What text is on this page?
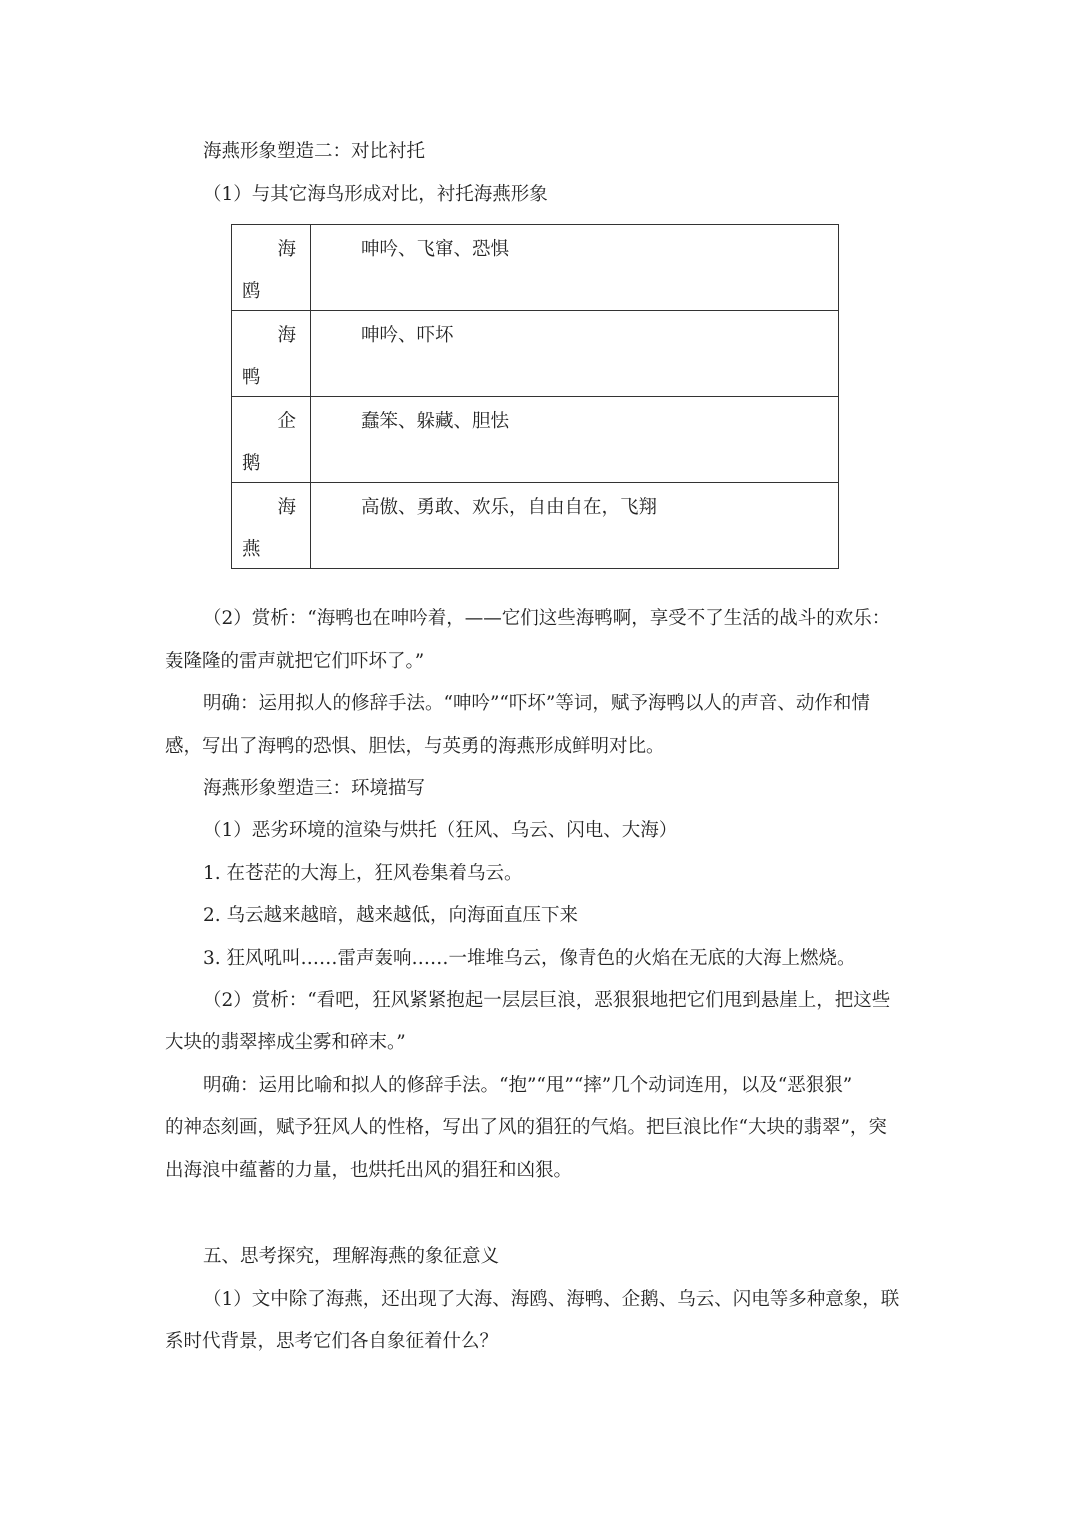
海燕形象塑造二：对比衬托
（1）与其它海鸟形成对比，衬托海燕形象
海
鸥	呻吟、飞窜、恐惧

海
鸭	呻吟、吓坏

企
鹅	蠢笨、躲藏、胆怯

海
燕	高傲、勇敢、欢乐，自由自在，飞翔
（2）赏析：“海鸭也在呻吟着，——它们这些海鸭啊，享受不了生活的战斗的欢乐：
轰隆隆的雷声就把它们吓坏了。”
明确：运用拟人的修辞手法。“呻吟”“吓坏”等词，赋予海鸭以人的声音、动作和情
感，写出了海鸭的恐惧、胆怯，与英勇的海燕形成鲜明对比。
海燕形象塑造三：环境描写
（1）恶劣环境的渲染与烘托（狂风、乌云、闪电、大海）
1. 在苍茫的大海上，狂风卷集着乌云。
2. 乌云越来越暗，越来越低，向海面直压下来
3. 狂风吼叫……雷声轰响……一堆堆乌云，像青色的火焰在无底的大海上燃烧。
（2）赏析：“看吧，狂风紧紧抱起一层层巨浪，恶狠狠地把它们甩到悬崖上，把这些
大块的翡翠摔成尘雾和碎末。”
明确：运用比喻和拟人的修辞手法。“抱”“甩”“摔”几个动词连用，以及“恶狠狠”
的神态刻画，赋予狂风人的性格，写出了风的猖狂的气焰。把巨浪比作“大块的翡翠”，突
出海浪中蕴蓄的力量，也烘托出风的猖狂和凶狠。
五、思考探究，理解海燕的象征意义
（1）文中除了海燕，还出现了大海、海鸥、海鸭、企鹅、乌云、闪电等多种意象，联
系时代背景，思考它们各自象征着什么？
